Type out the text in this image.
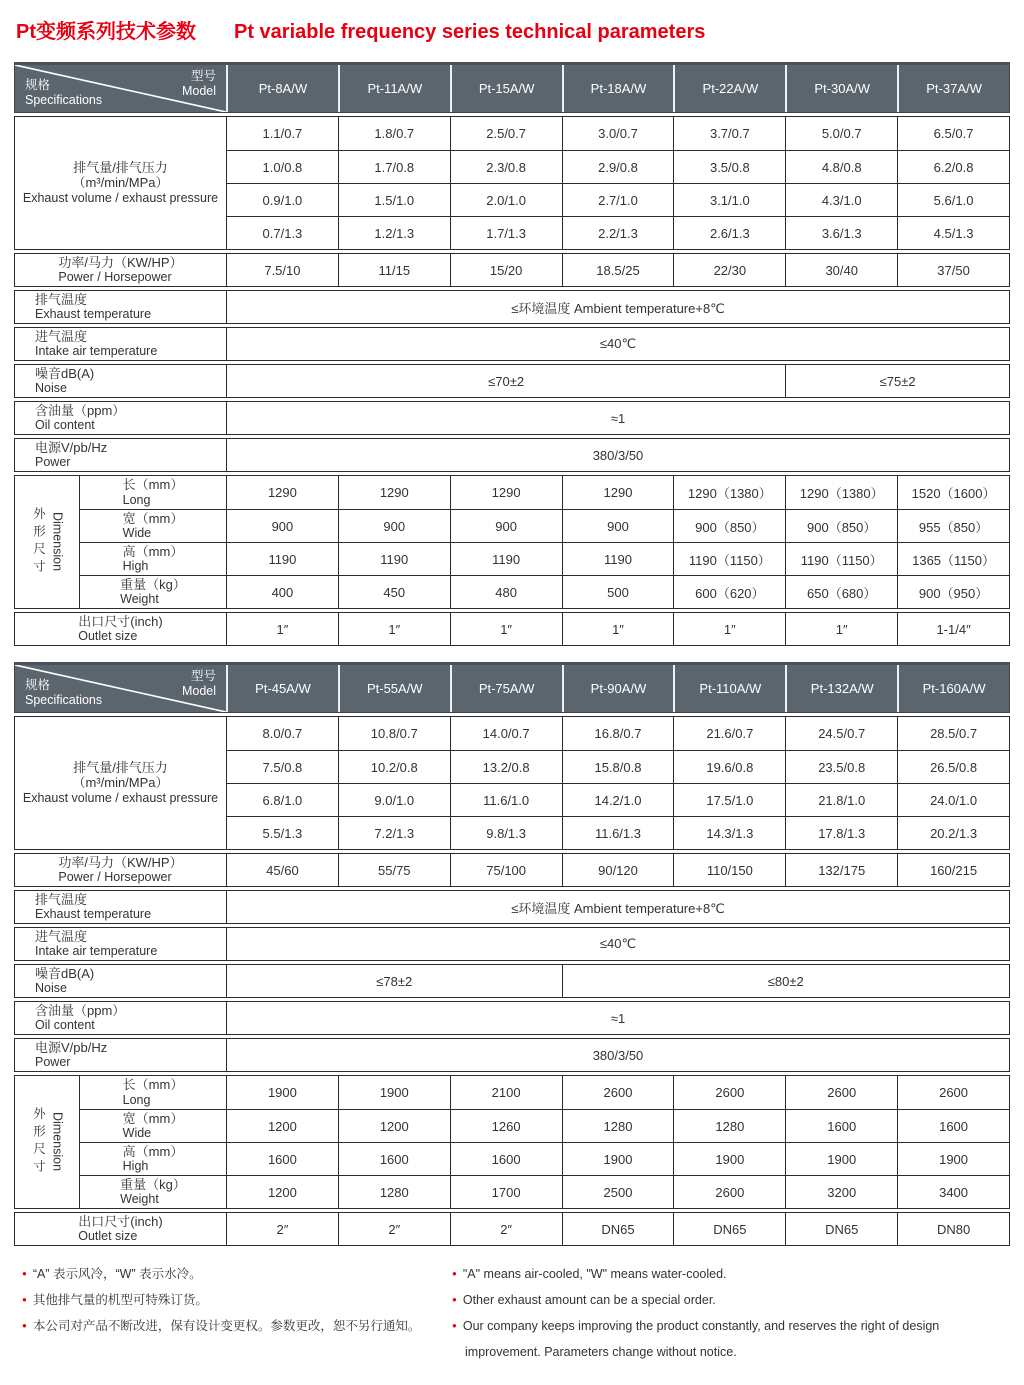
Pt变频系列技术参数 Pt variable frequency series technical parameters
型号
Model
规格
Specifications
Pt-8A/W	Pt-11A/W	Pt-15A/W	Pt-18A/W	Pt-22A/W	Pt-30A/W	Pt-37A/W
排气量/排气压力
（m³/min/MPa）
Exhaust volume / exhaust pressure
1.1/0.7	1.8/0.7	2.5/0.7	3.0/0.7	3.7/0.7	5.0/0.7	6.5/0.7
1.0/0.8	1.7/0.8	2.3/0.8	2.9/0.8	3.5/0.8	4.8/0.8	6.2/0.8
0.9/1.0	1.5/1.0	2.0/1.0	2.7/1.0	3.1/1.0	4.3/1.0	5.6/1.0
0.7/1.3	1.2/1.3	1.7/1.3	2.2/1.3	2.6/1.3	3.6/1.3	4.5/1.3
功率/马力（KW/HP）
Power / Horsepower	7.5/10	11/15	15/20	18.5/25	22/30	30/40	37/50
排气温度
Exhaust temperature	≤环境温度 Ambient temperature+8℃
进气温度
Intake air temperature	≤40℃
噪音dB(A)
Noise	≤70±2	≤75±2
含油量（ppm）
Oil content	≈1
电源V/pb/Hz
Power	380/3/50
外形尺寸 Dimension
长（mm）
Long	1290	1290	1290	1290	1290（1380）	1290（1380）	1520（1600）
宽（mm）
Wide	900	900	900	900	900（850）	900（850）	955（850）
高（mm）
High	1190	1190	1190	1190	1190（1150）	1190（1150）	1365（1150）
重量（kg）
Weight	400	450	480	500	600（620）	650（680）	900（950）
出口尺寸(inch)
Outlet size	1″	1″	1″	1″	1″	1″	1-1/4″
型号
Model
规格
Specifications
Pt-45A/W	Pt-55A/W	Pt-75A/W	Pt-90A/W	Pt-110A/W	Pt-132A/W	Pt-160A/W
排气量/排气压力
（m³/min/MPa）
Exhaust volume / exhaust pressure
8.0/0.7	10.8/0.7	14.0/0.7	16.8/0.7	21.6/0.7	24.5/0.7	28.5/0.7
7.5/0.8	10.2/0.8	13.2/0.8	15.8/0.8	19.6/0.8	23.5/0.8	26.5/0.8
6.8/1.0	9.0/1.0	11.6/1.0	14.2/1.0	17.5/1.0	21.8/1.0	24.0/1.0
5.5/1.3	7.2/1.3	9.8/1.3	11.6/1.3	14.3/1.3	17.8/1.3	20.2/1.3
功率/马力（KW/HP）
Power / Horsepower	45/60	55/75	75/100	90/120	110/150	132/175	160/215
排气温度
Exhaust temperature	≤环境温度 Ambient temperature+8℃
进气温度
Intake air temperature	≤40℃
噪音dB(A)
Noise	≤78±2	≤80±2
含油量（ppm）
Oil content	≈1
电源V/pb/Hz
Power	380/3/50
外形尺寸 Dimension
长（mm）
Long	1900	1900	2100	2600	2600	2600	2600
宽（mm）
Wide	1200	1200	1260	1280	1280	1600	1600
高（mm）
High	1600	1600	1600	1900	1900	1900	1900
重量（kg）
Weight	1200	1280	1700	2500	2600	3200	3400
出口尺寸(inch)
Outlet size	2″	2″	2″	DN65	DN65	DN65	DN80
● “A” 表示风冷，“W” 表示水冷。
● 其他排气量的机型可特殊订货。
● 本公司对产品不断改进，保有设计变更权。参数更改，恕不另行通知。
● "A" means air-cooled, "W" means water-cooled.
● Other exhaust amount can be a special order.
● Our company keeps improving the product constantly, and reserves the right of design improvement. Parameters change without notice.
